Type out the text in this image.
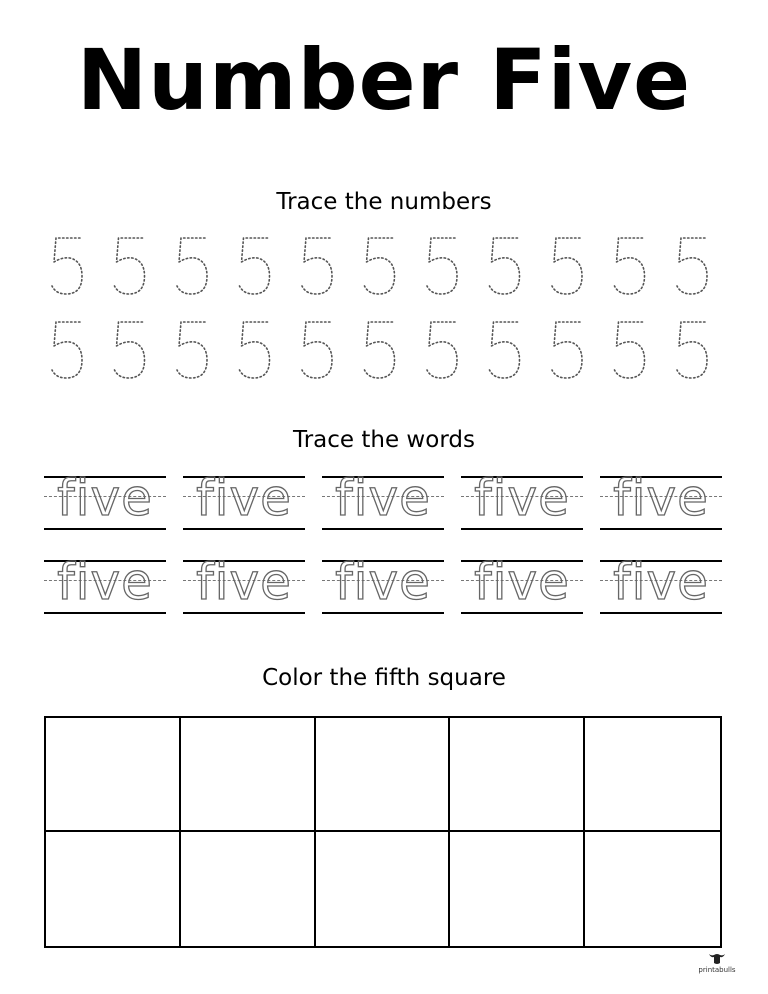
Number Five
Trace the numbers
Trace the words
five five five five five
five five five five five
Color the fifth square
printabulls
